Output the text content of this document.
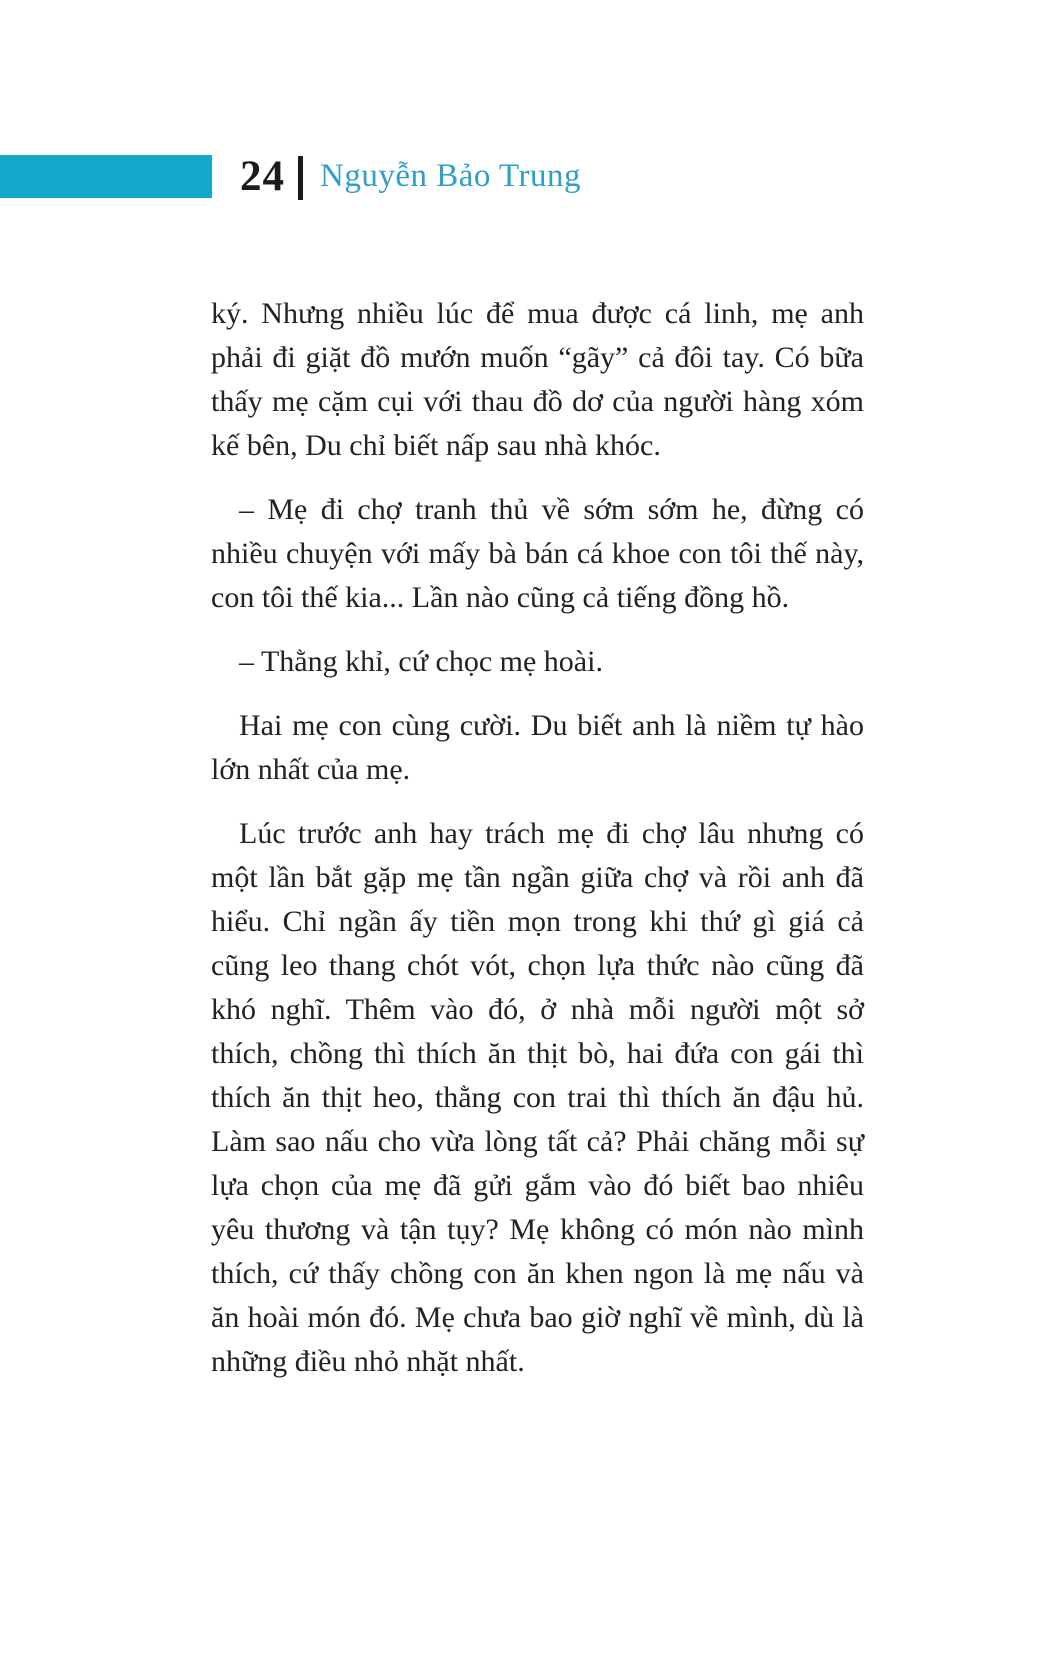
24 Nguyễn Bảo Trung

ký. Nhưng nhiều lúc để mua được cá linh, mẹ anh phải đi giặt đồ mướn muốn “gãy” cả đôi tay. Có bữa thấy mẹ cặm cụi với thau đồ dơ của người hàng xóm kế bên, Du chỉ biết nấp sau nhà khóc.

– Mẹ đi chợ tranh thủ về sớm sớm he, đừng có nhiều chuyện với mấy bà bán cá khoe con tôi thế này, con tôi thế kia... Lần nào cũng cả tiếng đồng hồ.

– Thằng khỉ, cứ chọc mẹ hoài.

Hai mẹ con cùng cười. Du biết anh là niềm tự hào lớn nhất của mẹ.

Lúc trước anh hay trách mẹ đi chợ lâu nhưng có một lần bắt gặp mẹ tần ngần giữa chợ và rồi anh đã hiểu. Chỉ ngần ấy tiền mọn trong khi thứ gì giá cả cũng leo thang chót vót, chọn lựa thức nào cũng đã khó nghĩ. Thêm vào đó, ở nhà mỗi người một sở thích, chồng thì thích ăn thịt bò, hai đứa con gái thì thích ăn thịt heo, thằng con trai thì thích ăn đậu hủ. Làm sao nấu cho vừa lòng tất cả? Phải chăng mỗi sự lựa chọn của mẹ đã gửi gắm vào đó biết bao nhiêu yêu thương và tận tụy? Mẹ không có món nào mình thích, cứ thấy chồng con ăn khen ngon là mẹ nấu và ăn hoài món đó. Mẹ chưa bao giờ nghĩ về mình, dù là những điều nhỏ nhặt nhất.
